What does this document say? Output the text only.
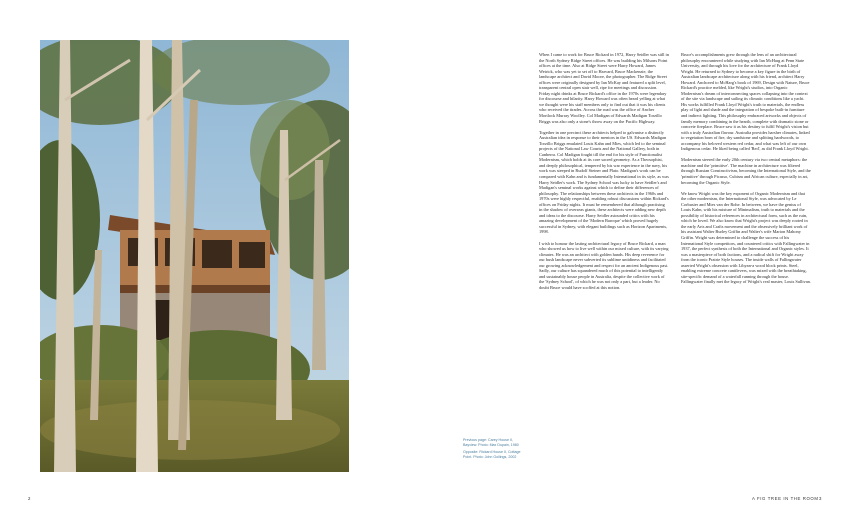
Previous page: Carey House II, Bayview. Photo: Max Dupain, 1980

Opposite: Rickard House II, Cottage Point. Photo: John Gollings, 2002

When I came to work for Bruce Rickard in 1972, Harry Seidler was still in the North Sydney Ridge Street offices. He was building his Milsons Point offices at the time. Also at Ridge Street were Harry Howard, James Weirick, who was yet to set off to Harvard, Bruce Mackenzie, the landscape architect and David Moore, the photographer. The Ridge Street offices were originally designed by Ian McKay and featured a split level, transparent central open stair well, ripe for meetings and discussion. Friday night drinks at Bruce Rickard's office in the 1970s were legendary for discourse and hilarity. Harry Howard was often heard yelling at what we thought were his staff members only to find out that it was his clients who received the tirades. Across the road was the office of Ancher Mortlock Murray Woolley. Col Madigan of Edwards Madigan Torzillo Briggs was also only a stone's throw away on the Pacific Highway.

Together in one precinct these architects helped to galvanise a distinctly Australian idea in response to their mentors in the US. Edwards Madigan Torzillo Briggs emulated Louis Kahn and Mies, which led to the seminal projects of the National Law Courts and the National Gallery, both in Canberra. Col Madigan fought till the end for his style of Functionalist Modernism, which holds at its core sacred geometry. As a Theosophist, and deeply philosophical, tempered by his war experience in the navy, his work was steeped in Rudolf Steiner and Plato. Madigan's work can be compared with Kahn and is fundamentally International in its style, as was Harry Seidler's work. The Sydney School was lucky to have Seidler's and Madigan's seminal works against which to define their differences of philosophy. The relationships between these architects in the 1960s and 1970s were highly respectful, enabling robust discussions within Rickard's offices on Friday nights. It must be remembered that although practising in the shadow of overseas giants, these architects were adding new depth and ideas to the discourse. Harry Seidler astounded critics with his amazing development of the 'Modern Baroque' which proved hugely successful in Sydney, with elegant buildings such as Horizon Apartments, 1998.

I wish to honour the lasting architectural legacy of Bruce Rickard, a man who showed us how to live well within our mixed culture, with its varying climates. He was an architect with golden hands. His deep reverence for our bush landscape never subverted its sublime untidiness and facilitated our growing acknowledgement and respect for an ancient Indigenous past. Sadly, our culture has squandered much of this potential to intelligently and sustainably house people in Australia, despite the collective work of the 'Sydney School', of which he was not only a part, but a leader. No doubt Bruce would have scoffed at this notion.

Bruce's accomplishments grew through the lens of an architectural philosophy encountered while studying with Ian McHarg at Penn State University, and through his love for the architecture of Frank Lloyd Wright. He returned to Sydney to become a key figure in the birth of Australian landscape architecture along with his friend, architect Harry Howard. Anchored to McHarg's book of 1969, Design with Nature, Bruce Rickard's practice melded, like Wright's studios, into Organic Modernism's dream of interconnecting spaces collapsing into the context of the site via landscape and sailing its climatic conditions like a yacht. His works fulfilled Frank Lloyd Wright's truth to materials, the endless play of light and shade and the integration of bespoke built-in furniture and indirect lighting. This philosophy embraced artworks and objects of family memory combining in the hearth, complete with dramatic stone or concrete fireplace. Bruce saw it as his destiny to fulfil Wright's vision but with a truly Australian flavour. Australia provides harsher climates, linked to vegetation born of fire, dry sandstone and splitting hardwoods, to accompany his beloved western red cedar, and what was left of our own Indigenous cedar. He liked being called 'Red', as did Frank Lloyd Wright.

Modernism steered the early 20th century via two central metaphors: the machine and the 'primitive'. The machine in architecture was filtered through Russian Constructivism, becoming the International Style, and the 'primitive' through Picasso, Cubism and African culture, especially in art, becoming the Organic Style.

We know Wright was the key exponent of Organic Modernism and that the other modernism, the International Style, was advocated by Le Corbusier and Mies van der Rohe. In between, we have the genius of Louis Kahn, with his mixture of Minimalism, truth to materials and the possibility of historical references in architectural form, such as the ruin, which he loved. We also know that Wright's project was deeply rooted in the early Arts and Crafts movement and the obsessively brilliant work of his assistant Walter Burley Griffin and Walter's wife Marion Mahony Griffin. Wright was determined to challenge the success of his International Style competitors, and countered critics with Fallingwater in 1937, the perfect synthesis of both the International and Organic styles. It was a masterpiece of both factions, and a radical shift for Wright away from the iconic Prairie Style houses. The inside walls of Fallingwater asserted Wright's obsession with Libyan-a wood block prints. Steel, enabling extreme concrete cantilevers, was mixed with the breathtaking, site-specific demand of a waterfall running through the house. Fallingwater finally met the legacy of Wright's real master, Louis Sullivan.

2	A FIG TREE IN THE ROOM 3
